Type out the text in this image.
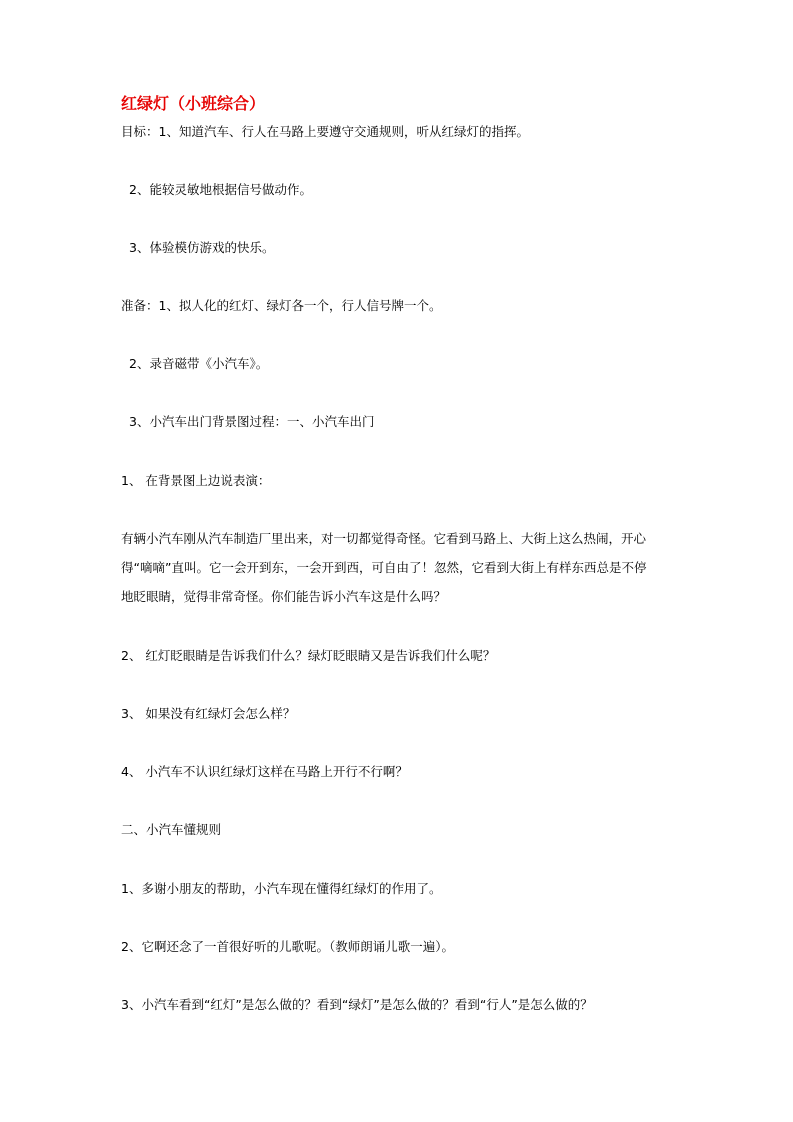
红绿灯（小班综合）
目标：1、知道汽车、行人在马路上要遵守交通规则，听从红绿灯的指挥。
2、能较灵敏地根据信号做动作。
3、体验模仿游戏的快乐。
准备：1、拟人化的红灯、绿灯各一个，行人信号牌一个。
2、录音磁带《小汽车》。
3、小汽车出门背景图过程：一、小汽车出门
1、 在背景图上边说表演：
有辆小汽车刚从汽车制造厂里出来，对一切都觉得奇怪。它看到马路上、大街上这么热闹，开心
得“嘀嘀”直叫。它一会开到东，一会开到西，可自由了！忽然，它看到大街上有样东西总是不停
地眨眼睛，觉得非常奇怪。你们能告诉小汽车这是什么吗？
2、 红灯眨眼睛是告诉我们什么？绿灯眨眼睛又是告诉我们什么呢？
3、 如果没有红绿灯会怎么样？
4、 小汽车不认识红绿灯这样在马路上开行不行啊？
二、小汽车懂规则
1、多谢小朋友的帮助，小汽车现在懂得红绿灯的作用了。
2、它啊还念了一首很好听的儿歌呢。（教师朗诵儿歌一遍）。
3、小汽车看到“红灯”是怎么做的？看到“绿灯”是怎么做的？看到“行人”是怎么做的？
